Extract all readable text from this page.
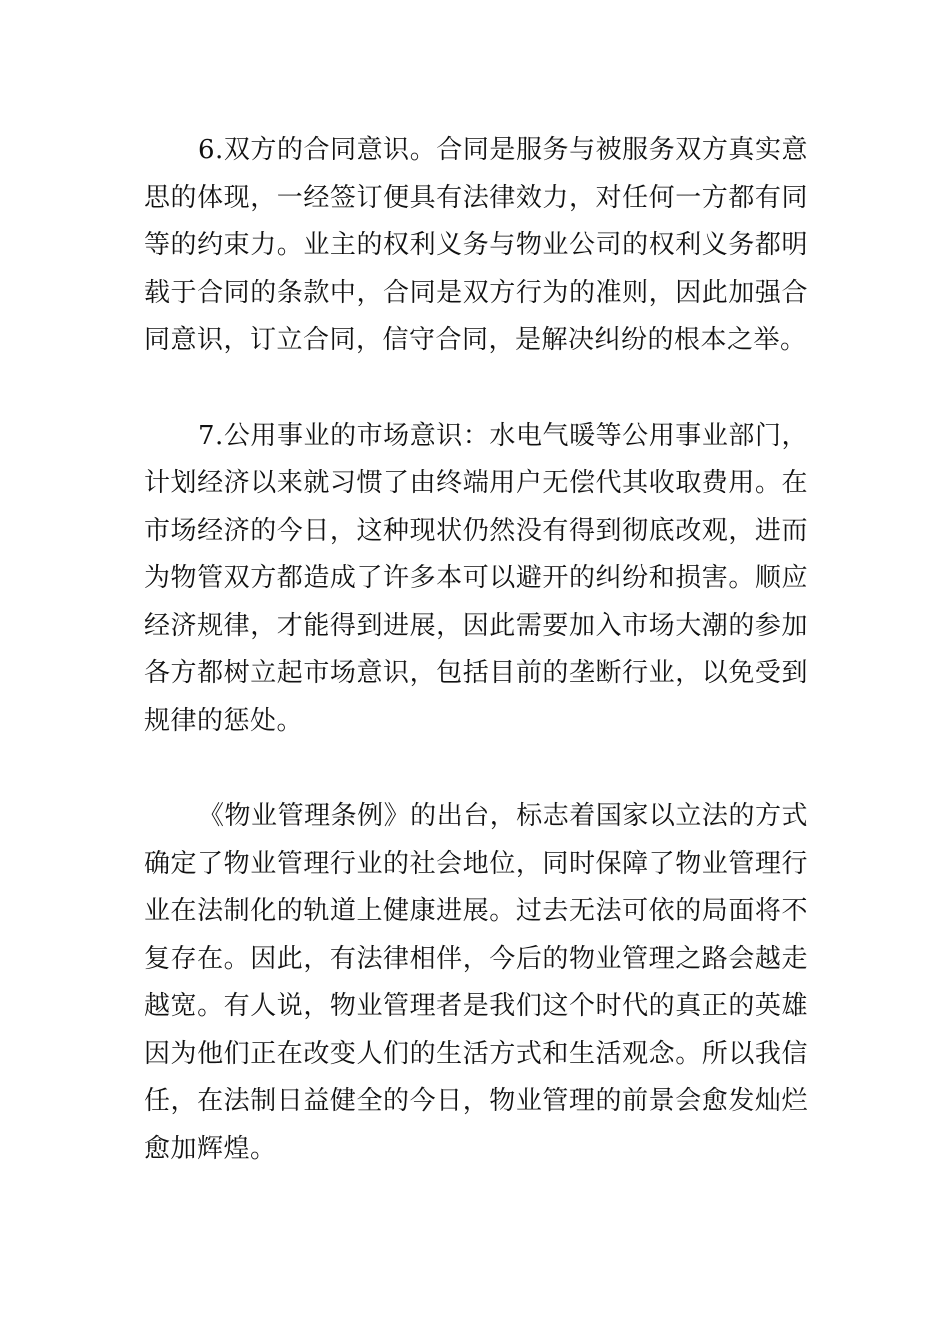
6.双方的合同意识。合同是服务与被服务双方真实意思的体现，一经签订便具有法律效力，对任何一方都有同等的约束力。业主的权利义务与物业公司的权利义务都明载于合同的条款中，合同是双方行为的准则，因此加强合同意识，订立合同，信守合同，是解决纠纷的根本之举。

7.公用事业的市场意识：水电气暖等公用事业部门，计划经济以来就习惯了由终端用户无偿代其收取费用。在市场经济的今日，这种现状仍然没有得到彻底改观，进而为物管双方都造成了许多本可以避开的纠纷和损害。顺应经济规律，才能得到进展，因此需要加入市场大潮的参加各方都树立起市场意识，包括目前的垄断行业，以免受到规律的惩处。

《物业管理条例》的出台，标志着国家以立法的方式确定了物业管理行业的社会地位，同时保障了物业管理行业在法制化的轨道上健康进展。过去无法可依的局面将不复存在。因此，有法律相伴，今后的物业管理之路会越走越宽。有人说，物业管理者是我们这个时代的真正的英雄因为他们正在改变人们的生活方式和生活观念。所以我信任，在法制日益健全的今日，物业管理的前景会愈发灿烂愈加辉煌。
